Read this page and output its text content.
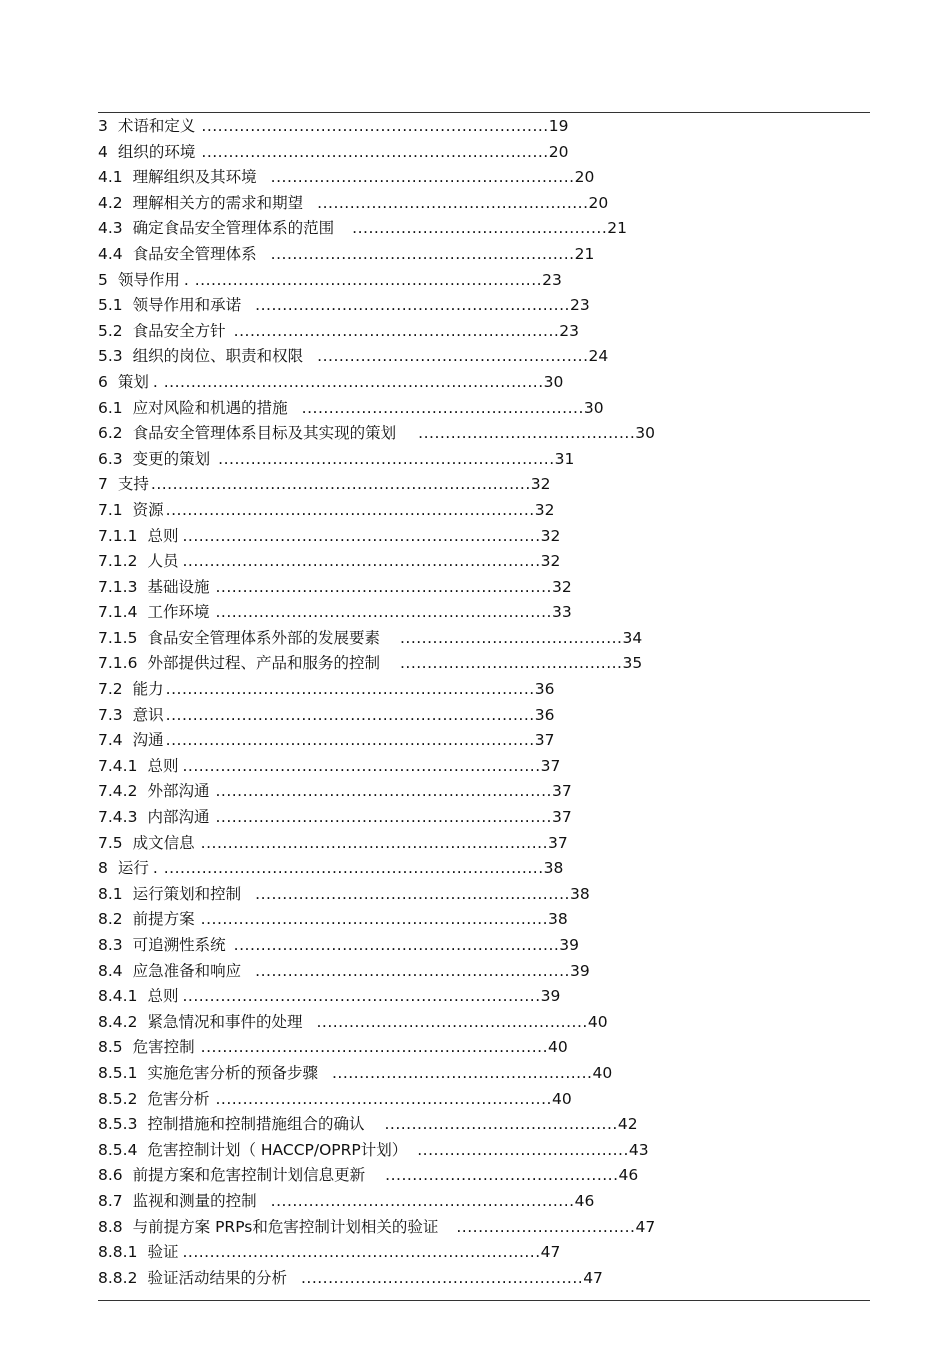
3 术语和定义 ................................................................19
4 组织的环境 ................................................................20
4.1 理解组织及其环境 ........................................................20
4.2 理解相关方的需求和期望 ..................................................20
4.3 确定食品安全管理体系的范围 ...............................................21
4.4 食品安全管理体系 ........................................................21
5 领导作用 . ................................................................23
5.1 领导作用和承诺 ..........................................................23
5.2 食品安全方针 ............................................................23
5.3 组织的岗位、职责和权限 ..................................................24
6 策划 . ......................................................................30
6.1 应对风险和机遇的措施 ....................................................30
6.2 食品安全管理体系目标及其实现的策划 ........................................30
6.3 变更的策划 ..............................................................31
7 支持 ......................................................................32
7.1 资源 ....................................................................32
7.1.1 总则 ..................................................................32
7.1.2 人员 ..................................................................32
7.1.3 基础设施 ..............................................................32
7.1.4 工作环境 ..............................................................33
7.1.5 食品安全管理体系外部的发展要素 .........................................34
7.1.6 外部提供过程、产品和服务的控制 .........................................35
7.2 能力 ....................................................................36
7.3 意识 ....................................................................36
7.4 沟通 ....................................................................37
7.4.1 总则 ..................................................................37
7.4.2 外部沟通 ..............................................................37
7.4.3 内部沟通 ..............................................................37
7.5 成文信息 ................................................................37
8 运行 . ......................................................................38
8.1 运行策划和控制 ..........................................................38
8.2 前提方案 ................................................................38
8.3 可追溯性系统 ............................................................39
8.4 应急准备和响应 ..........................................................39
8.4.1 总则 ..................................................................39
8.4.2 紧急情况和事件的处理 ..................................................40
8.5 危害控制 ................................................................40
8.5.1 实施危害分析的预备步骤 ................................................40
8.5.2 危害分析 ..............................................................40
8.5.3 控制措施和控制措施组合的确认 ...........................................42
8.5.4 危害控制计划（ HACCP/OPRP计划） .......................................43
8.6 前提方案和危害控制计划信息更新 ...........................................46
8.7 监视和测量的控制 ........................................................46
8.8 与前提方案 PRPs和危害控制计划相关的验证 .................................47
8.8.1 验证 ..................................................................47
8.8.2 验证活动结果的分析 ....................................................47
